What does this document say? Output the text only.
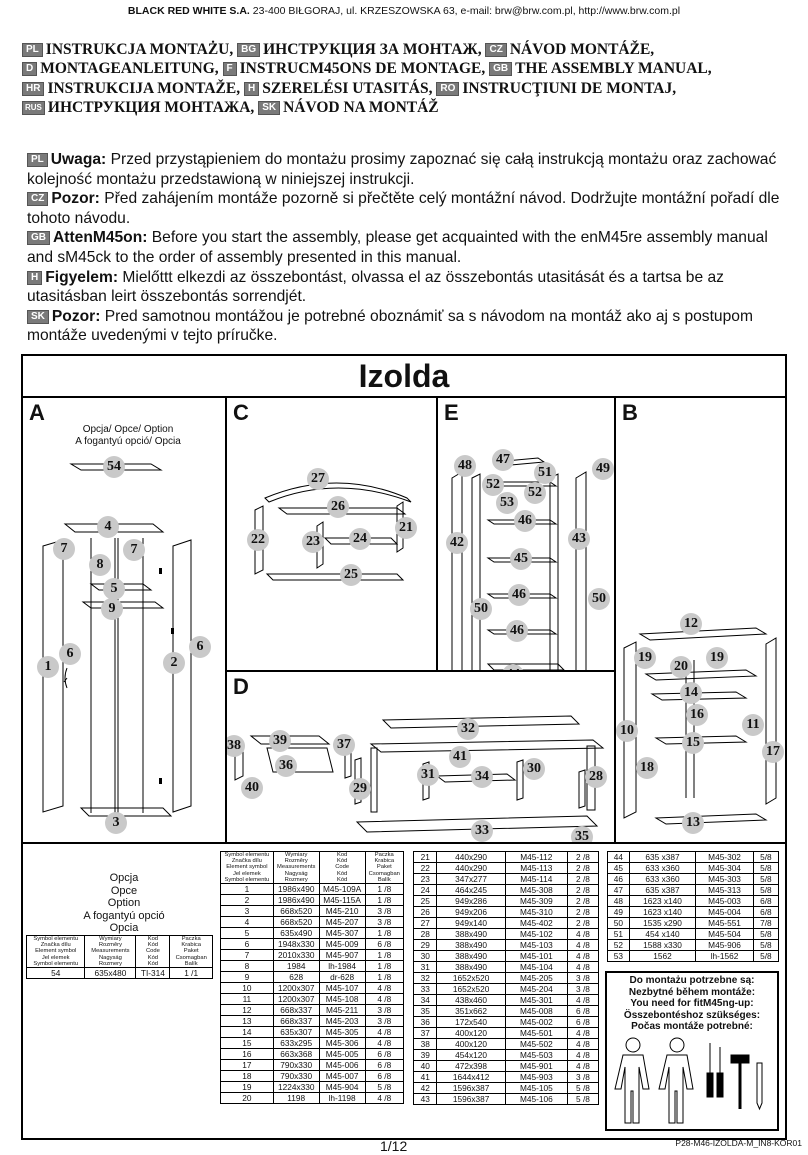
BLACK RED WHITE S.A. 23-400 BIŁGORAJ, ul. KRZESZOWSKA 63, e-mail: brw@brw.com.pl, http://www.brw.com.pl
PL INSTRUKCJA MONTAŻU, BG ИНСТРУКЦИЯ ЗА МОНТАЖ, CZ NÁVOD MONTÁŽE,
D MONTAGEANLEITUNG, F INSTRUCM45ONS DE MONTAGE, GB THE ASSEMBLY MANUAL,
HR INSTRUKCIJA MONTAŽE, H SZERELÉSI UTASITÁS, RO INSTRUCŢIUNI DE MONTAJ,
RUS ИНСТРУКЦИЯ МОНТАЖА, SK NÁVOD NA MONTÁŽ
PL Uwaga: Przed przystąpieniem do montażu prosimy zapoznać się całą instrukcją montażu oraz zachować kolejność montażu przedstawioną w niniejszej instrukcji.
CZ Pozor: Před zahájením montáže pozorně si přečtěte celý montážní návod. Dodržujte montážní pořadí dle tohoto návodu.
GB AttenM45on: Before you start the assembly, please get acquainted with the enM45re assembly manual and sM45ck to the order of assembly presented in this manual.
H Figyelem: Mielőttt elkezdi az összebontást, olvassa el az összebontás utasitását és a tartsa be az utasitásban leirt összebontás sorrendjét.
SK Pozor: Pred samotnou montážou je potrebné oboznámiť sa s návodom na montáž ako aj s postupom montáže uvedenými v tejto príručke.
Izolda
A
Opcja/ Opce/ Option
A fogantyú opció/ Opcia
54
4
7
8
7
5
9
6
1	2
6
3
C
27
26
22	23 24
21
25
E
48 47
51	49
52
52
53
46
42	43
45
46
50
50
46
B
12
19
20
19
14
16
10	11
15
17
18
13
D
32
38 39	37
36
41
40
31	34
30
29
28
33	35
Opcja
Opce
Option
A fogantyú opció
Opcia
Symbol elementu
Značka dílu
Element symbol
Jel elemek
Symbol elementu	Wymiary
Rozměry
Measurements
Nagyság
Rozmery	Kod
Kód
Code
Kód
Kód	Paczka
Krabica
Paket
Csomagban
Balík
54	635x480	TI-314	1 /1
Symbol elementu
Značka dílu
Element symbol
Jel elemek
Symbol elementu	Wymiary
Rozměry
Measurements
Nagyság
Rozmery	Kod
Kód
Code
Kód
Kód	Paczka
Krabica
Paket
Csomagban
Balík
1	1986x490	M45-109A	1 /8
2	1986x490	M45-115A	1 /8
3	668x520	M45-210	3 /8
4	668x520	M45-207	3 /8
5	635x490	M45-307	1 /8
6	1948x330	M45-009	6 /8
7	2010x330	M45-907	1 /8
8	1984	lh-1984	1 /8
9	628	dr-628	1 /8
10	1200x307	M45-107	4 /8
11	1200x307	M45-108	4 /8
12	668x337	M45-211	3 /8
13	668x337	M45-203	3 /8
14	635x307	M45-305	4 /8
15	633x295	M45-306	4 /8
16	663x368	M45-005	6 /8
17	790x330	M45-006	6 /8
18	790x330	M45-007	6 /8
19	1224x330	M45-904	5 /8
20	1198	lh-1198	4 /8
21	440x290	M45-112	2 /8
22	440x290	M45-113	2 /8
23	347x277	M45-114	2 /8
24	464x245	M45-308	2 /8
25	949x286	M45-309	2 /8
26	949x206	M45-310	2 /8
27	949x140	M45-402	2 /8
28	388x490	M45-102	4 /8
29	388x490	M45-103	4 /8
30	388x490	M45-101	4 /8
31	388x490	M45-104	4 /8
32	1652x520	M45-205	3 /8
33	1652x520	M45-204	3 /8
34	438x460	M45-301	4 /8
35	351x662	M45-008	6 /8
36	172x540	M45-002	6 /8
37	400x120	M45-501	4 /8
38	400x120	M45-502	4 /8
39	454x120	M45-503	4 /8
40	472x398	M45-901	4 /8
41	1644x412	M45-903	3 /8
42	1596x387	M45-105	5 /8
43	1596x387	M45-106	5 /8
44	635 x387	M45-302	5/8
45	633 x360	M45-304	5/8
46	633 x360	M45-303	5/8
47	635 x387	M45-313	5/8
48	1623 x140	M45-003	6/8
49	1623 x140	M45-004	6/8
50	1535 x290	M45-551	7/8
51	454 x140	M45-504	5/8
52	1588 x330	M45-906	5/8
53	1562	lh-1562	5/8
Do montażu potrzebne są:
Nezbytné během montáže:
You need for fitM45ng-up:
Összebontéshoz szükséges:
Počas montáže potrebné:
1/12	P28-M46-IZOLDA-M_IN8-KOR01
